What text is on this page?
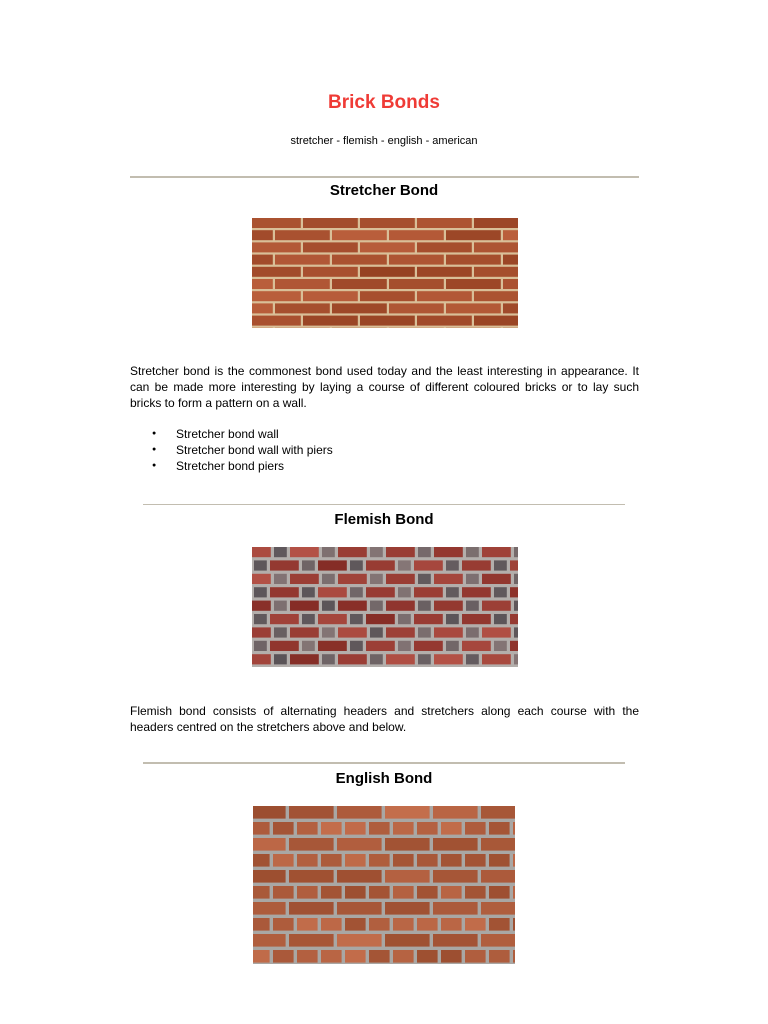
Brick Bonds
stretcher - flemish - english - american
Stretcher Bond

Stretcher bond is the commonest bond used today and the least interesting in appearance. It can be made more interesting by laying a course of different coloured bricks or to lay such bricks to form a pattern on a wall.

● Stretcher bond wall
● Stretcher bond wall with piers
● Stretcher bond piers
Flemish Bond

Flemish bond consists of alternating headers and stretchers along each course with the headers centred on the stretchers above and below.

English Bond
